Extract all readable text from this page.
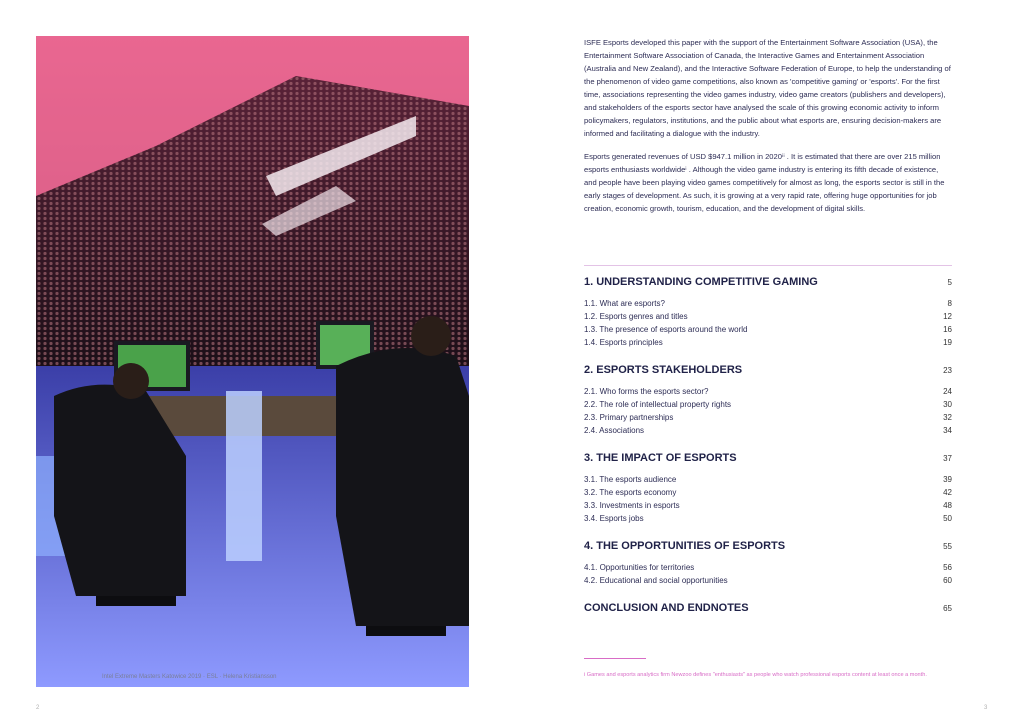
Intel Extreme Masters Katowice 2019 · ESL · Helena Kristiansson
2

ISFE Esports developed this paper with the support of the Entertainment Software Association (USA), the Entertainment Software Association of Canada, the Interactive Games and Entertainment Association (Australia and New Zealand), and the Interactive Software Federation of Europe, to help the understanding of the phenomenon of video game competitions, also known as 'competitive gaming' or 'esports'. For the first time, associations representing the video games industry, video game creators (publishers and developers), and stakeholders of the esports sector have analysed the scale of this growing economic activity to inform policymakers, regulators, institutions, and the public about what esports are, ensuring decision-makers are informed and facilitating a dialogue with the industry.

Esports generated revenues of USD $947.1 million in 2020ⁱⁱ . It is estimated that there are over 215 million esports enthusiasts worldwideⁱ . Although the video game industry is entering its fifth decade of existence, and people have been playing video games competitively for almost as long, the esports sector is still in the early stages of development. As such, it is growing at a very rapid rate, offering huge opportunities for job creation, economic growth, tourism, education, and the development of digital skills.

1. UNDERSTANDING COMPETITIVE GAMING	5
1.1. What are esports?	8
1.2. Esports genres and titles	12
1.3. The presence of esports around the world	16
1.4. Esports principles	19
2. ESPORTS STAKEHOLDERS	23
2.1. Who forms the esports sector?	24
2.2. The role of intellectual property rights	30
2.3. Primary partnerships	32
2.4. Associations	34
3. THE IMPACT OF ESPORTS	37
3.1. The esports audience	39
3.2. The esports economy	42
3.3. Investments in esports	48
3.4. Esports jobs	50
4. THE OPPORTUNITIES OF ESPORTS	55
4.1. Opportunities for territories	56
4.2. Educational and social opportunities	60
CONCLUSION AND ENDNOTES	65
i Games and esports analytics firm Newzoo defines "enthusiasts" as people who watch professional esports content at least once a month.
3
